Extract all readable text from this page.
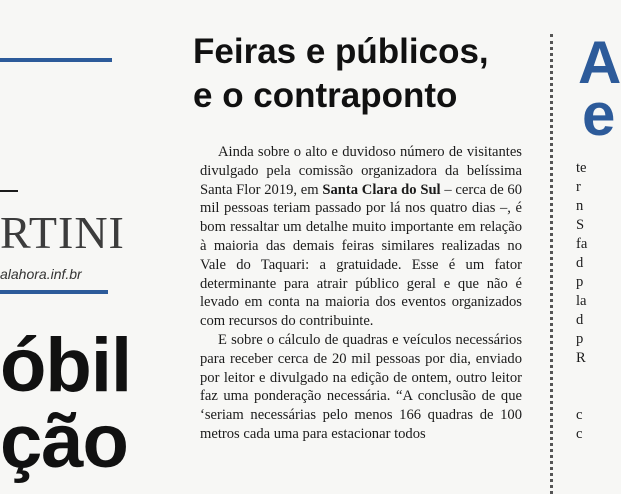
RTINI
alahora.inf.br
óbil
ção
Feiras e públicos,
e o contraponto

Ainda sobre o alto e duvidoso número de visitantes divulgado pela comissão organizadora da belíssima Santa Flor 2019, em Santa Clara do Sul – cerca de 60 mil pessoas teriam passado por lá nos quatro dias –, é bom ressaltar um detalhe muito importante em relação à maioria das demais feiras similares realizadas no Vale do Taquari: a gratuidade. Esse é um fator determinante para atrair público geral e que não é levado em conta na maioria dos eventos organizados com recursos do contribuinte.

E sobre o cálculo de quadras e veículos necessários para receber cerca de 20 mil pessoas por dia, enviado por leitor e divulgado na edição de ontem, outro leitor faz uma ponderação necessária. “A conclusão de que ‘seriam necessárias pelo menos 166 quadras de 100 metros cada uma para estacionar todos

A
e
te
r
n
S
fa
d
p
la
d
p
R
c
c
